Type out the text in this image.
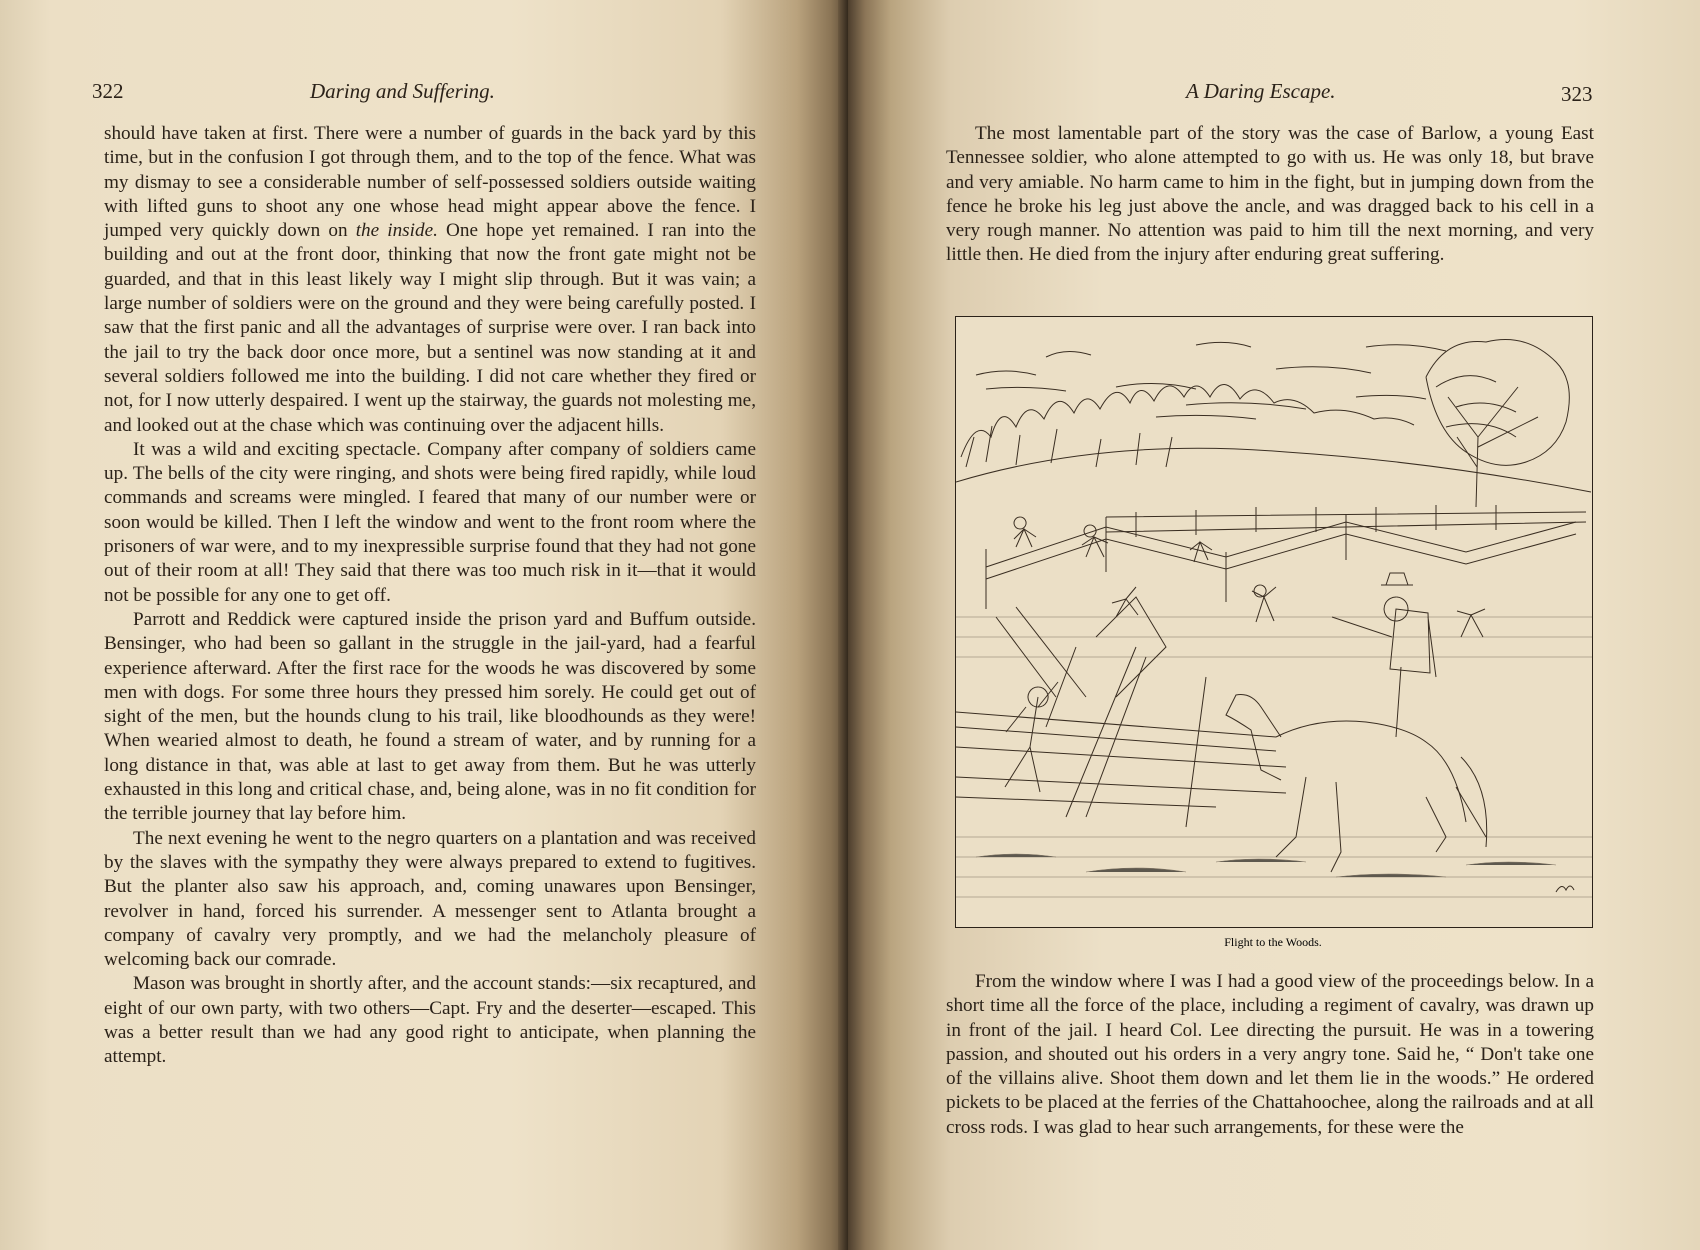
322	Daring and Suffering.

should have taken at first. There were a number of guards in the back yard by this time, but in the confusion I got through them, and to the top of the fence. What was my dismay to see a considerable number of self-possessed soldiers outside waiting with lifted guns to shoot any one whose head might appear above the fence. I jumped very quickly down on the inside. One hope yet remained. I ran into the building and out at the front door, thinking that now the front gate might not be guarded, and that in this least likely way I might slip through. But it was vain; a large number of soldiers were on the ground and they were being carefully posted. I saw that the first panic and all the advantages of surprise were over. I ran back into the jail to try the back door once more, but a sentinel was now standing at it and several soldiers followed me into the building. I did not care whether they fired or not, for I now utterly despaired. I went up the stairway, the guards not molesting me, and looked out at the chase which was continuing over the adjacent hills.

It was a wild and exciting spectacle. Company after company of soldiers came up. The bells of the city were ringing, and shots were being fired rapidly, while loud commands and screams were mingled. I feared that many of our number were or soon would be killed. Then I left the window and went to the front room where the prisoners of war were, and to my inexpressible surprise found that they had not gone out of their room at all! They said that there was too much risk in it—that it would not be possible for any one to get off.

Parrott and Reddick were captured inside the prison yard and Buffum outside. Bensinger, who had been so gallant in the struggle in the jail-yard, had a fearful experience afterward. After the first race for the woods he was discovered by some men with dogs. For some three hours they pressed him sorely. He could get out of sight of the men, but the hounds clung to his trail, like bloodhounds as they were! When wearied almost to death, he found a stream of water, and by running for a long distance in that, was able at last to get away from them. But he was utterly exhausted in this long and critical chase, and, being alone, was in no fit condition for the terrible journey that lay before him.

The next evening he went to the negro quarters on a plantation and was received by the slaves with the sympathy they were always prepared to extend to fugitives. But the planter also saw his approach, and, coming unawares upon Bensinger, revolver in hand, forced his surrender. A messenger sent to Atlanta brought a company of cavalry very promptly, and we had the melancholy pleasure of welcoming back our comrade.

Mason was brought in shortly after, and the account stands:—six recaptured, and eight of our own party, with two others—Capt. Fry and the deserter—escaped. This was a better result than we had any good right to anticipate, when planning the attempt.

A Daring Escape.	323

The most lamentable part of the story was the case of Barlow, a young East Tennessee soldier, who alone attempted to go with us. He was only 18, but brave and very amiable. No harm came to him in the fight, but in jumping down from the fence he broke his leg just above the ancle, and was dragged back to his cell in a very rough manner. No attention was paid to him till the next morning, and very little then. He died from the injury after enduring great suffering.

From the window where I was I had a good view of the proceedings below. In a short time all the force of the place, including a regiment of cavalry, was drawn up in front of the jail. I heard Col. Lee directing the pursuit. He was in a towering passion, and shouted out his orders in a very angry tone. Said he, “ Don't take one of the villains alive. Shoot them down and let them lie in the woods.” He ordered pickets to be placed at the ferries of the Chattahoochee, along the railroads and at all cross rods. I was glad to hear such arrangements, for these were the

Flight to the Woods.
